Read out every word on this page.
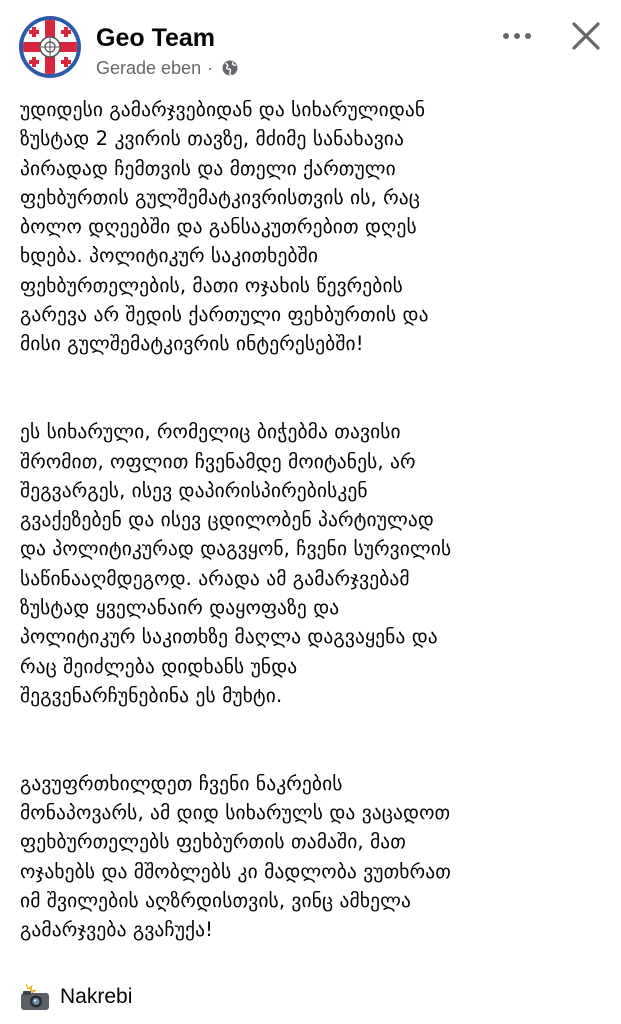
Geo Team
Gerade eben ·
უდიდესი გამარჯვებიდან და სიხარულიდან
ზუსტად 2 კვირის თავზე, მძიმე სანახავია
პირადად ჩემთვის და მთელი ქართული
ფეხბურთის გულშემატკივრისთვის ის, რაც
ბოლო დღეებში და განსაკუთრებით დღეს
ხდება. პოლიტიკურ საკითხებში
ფეხბურთელების, მათი ოჯახის წევრების
გარევა არ შედის ქართული ფეხბურთის და
მისი გულშემატკივრის ინტერესებში!
ეს სიხარული, რომელიც ბიჭებმა თავისი
შრომით, ოფლით ჩვენამდე მოიტანეს, არ
შეგვარგეს, ისევ დაპირისპირებისკენ
გვაქეზებენ და ისევ ცდილობენ პარტიულად
და პოლიტიკურად დაგვყონ, ჩვენი სურვილის
საწინააღმდეგოდ. არადა ამ გამარჯვებამ
ზუსტად ყველანაირ დაყოფაზე და
პოლიტიკურ საკითხზე მაღლა დაგვაყენა და
რაც შეიძლება დიდხანს უნდა
შეგვენარჩუნებინა ეს მუხტი.
გავუფრთხილდეთ ჩვენი ნაკრების
მონაპოვარს, ამ დიდ სიხარულს და ვაცადოთ
ფეხბურთელებს ფეხბურთის თამაში, მათ
ოჯახებს და მშობლებს კი მადლობა ვუთხრათ
იმ შვილების აღზრდისთვის, ვინც ამხელა
გამარჯვება გვაჩუქა!
Nakrebi
